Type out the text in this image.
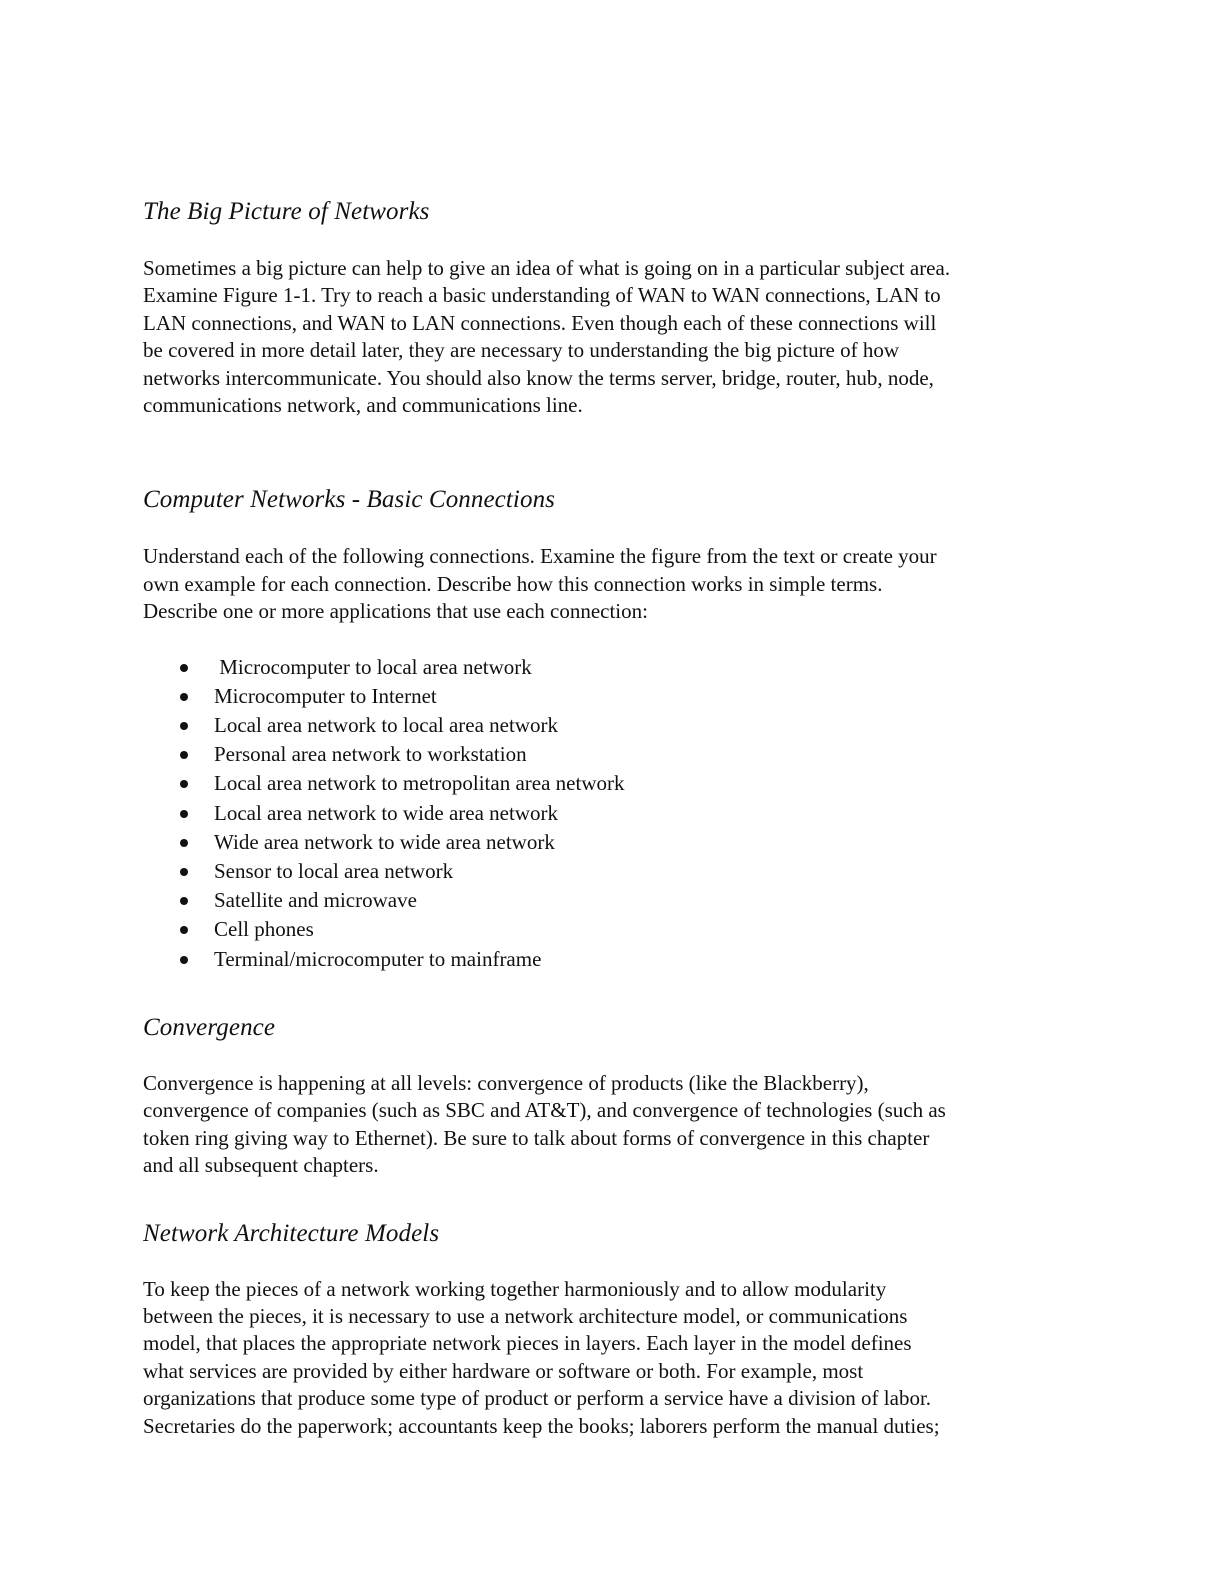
The Big Picture of Networks

Sometimes a big picture can help to give an idea of what is going on in a particular subject area.

Examine Figure 1-1. Try to reach a basic understanding of WAN to WAN connections, LAN to

LAN connections, and WAN to LAN connections. Even though each of these connections will

be covered in more detail later, they are necessary to understanding the big picture of how

networks intercommunicate. You should also know the terms server, bridge, router, hub, node,

communications network, and communications line.

Computer Networks - Basic Connections

Understand each of the following connections. Examine the figure from the text or create your

own example for each connection. Describe how this connection works in simple terms.

Describe one or more applications that use each connection:

Microcomputer to local area network
Microcomputer to Internet
Local area network to local area network
Personal area network to workstation
Local area network to metropolitan area network
Local area network to wide area network
Wide area network to wide area network
Sensor to local area network
Satellite and microwave
Cell phones
Terminal/microcomputer to mainframe
Convergence

Convergence is happening at all levels: convergence of products (like the Blackberry),

convergence of companies (such as SBC and AT&T), and convergence of technologies (such as

token ring giving way to Ethernet). Be sure to talk about forms of convergence in this chapter

and all subsequent chapters.

Network Architecture Models

To keep the pieces of a network working together harmoniously and to allow modularity

between the pieces, it is necessary to use a network architecture model, or communications

model, that places the appropriate network pieces in layers. Each layer in the model defines

what services are provided by either hardware or software or both. For example, most

organizations that produce some type of product or perform a service have a division of labor.

Secretaries do the paperwork; accountants keep the books; laborers perform the manual duties;
